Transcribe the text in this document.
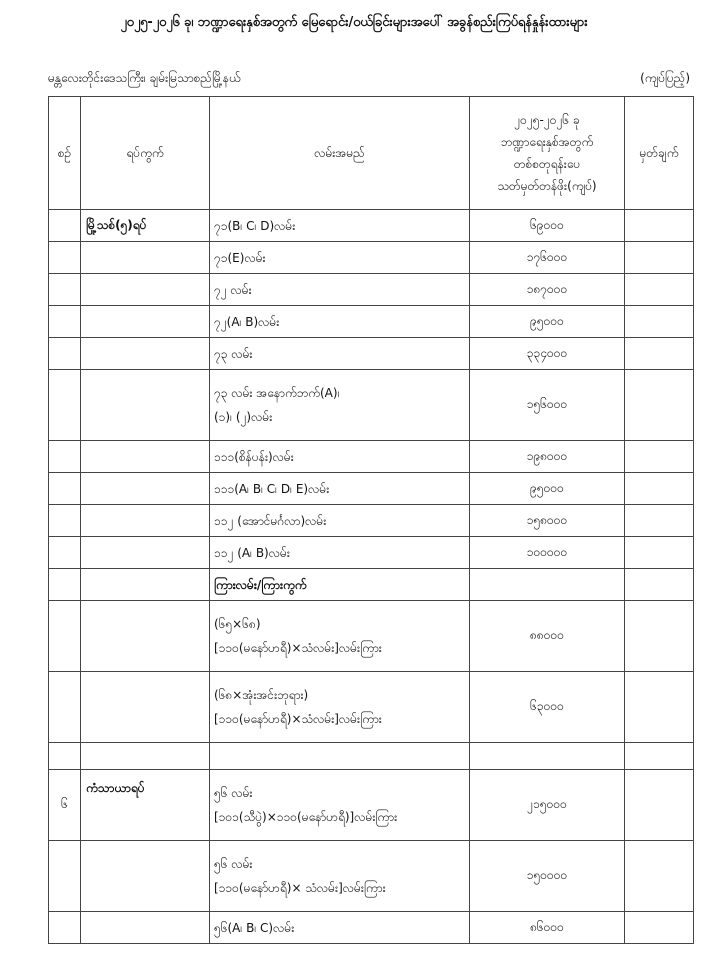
၂၀၂၅-၂၀၂၆ ခု၊ ဘဏ္ဍာရေးနှစ်အတွက် မြေရောင်း/ဝယ်ခြင်းများအပေါ် အခွန်စည်းကြပ်ရန်နှုန်းထားများ
မန္တလေးတိုင်းဒေသကြီး၊ ချမ်းမြသာစည်မြို့နယ်	(ကျပ်ပြည့်)
စဉ်	ရပ်ကွက်	လမ်းအမည်	၂၀၂၅-၂၀၂၆ ခု
ဘဏ္ဍာရေးနှစ်အတွက်
တစ်စတုရန်းပေ
သတ်မှတ်တန်ဖိုး(ကျပ်)	မှတ်ချက်
	မြို့သစ်(၅)ရပ်	၇၁(B၊ C၊ D)လမ်း	၆၉၀၀၀	

		၇၁(E)လမ်း	၁၇၆၀၀၀	

		၇၂ လမ်း	၁၈၇၀၀၀	

		၇၂(A၊ B)လမ်း	၉၅၀၀၀	

		၇၃ လမ်း	၃၃၄၀၀၀	

		၇၃ လမ်း အနောက်ဘက်(A)၊
(၁)၊ (၂)လမ်း	၁၅၆၀၀၀	

		၁၁၁(စိန်ပန်း)လမ်း	၁၉၈၀၀၀	

		၁၁၁(A၊ B၊ C၊ D၊ E)လမ်း	၉၅၀၀၀	

		၁၁၂ (အောင်မင်္ဂလာ)လမ်း	၁၅၈၀၀၀	

		၁၁၂ (A၊ B)လမ်း	၁၀၀၀၀၀	

		ကြားလမ်း/ကြားကွက်		

		(၆၅×၆၈)
[၁၁၀(မနော်ဟရီ)×သံလမ်း]လမ်းကြား	၈၈၀၀၀	

		(၆၈×အုံးအင်းဘုရား)
[၁၁၀(မနော်ဟရီ)×သံလမ်း]လမ်းကြား	၆၃၀၀၀	

၆	ကံသာယာရပ်	၅၆ လမ်း
[၁၀၁(သီပွဲ)×၁၁၀(မနော်ဟရီ)]လမ်းကြား	၂၁၅၀၀၀	

		၅၆ လမ်း
[၁၁၀(မနော်ဟရီ)× သံလမ်း]လမ်းကြား	၁၅၀၀၀၀	

		၅၆(A၊ B၊ C)လမ်း	၈၆၀၀၀	
